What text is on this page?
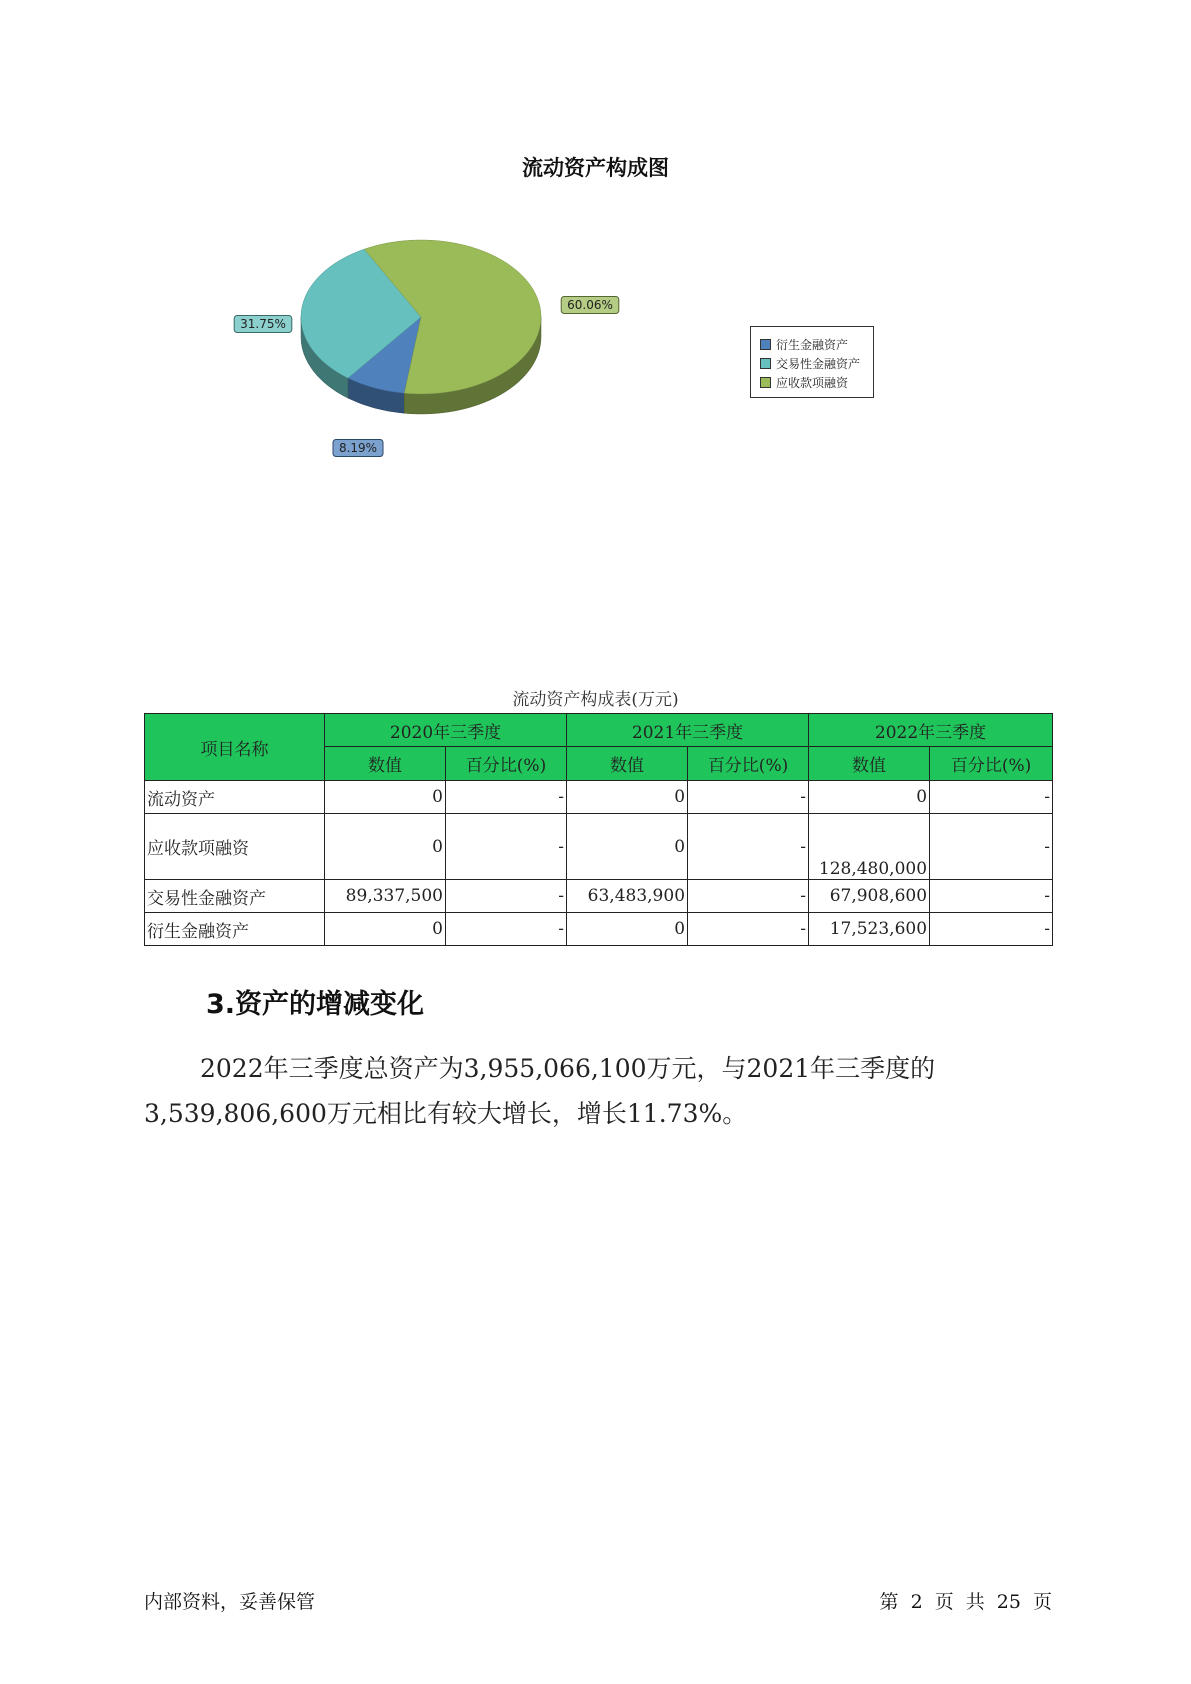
流动资产构成图
8.19%
31.75%
60.06%
衍生金融资产
交易性金融资产
应收款项融资
流动资产构成表(万元)
项目名称	2020年三季度		2021年三季度		2022年三季度	
	数值	百分比(%)	数值	百分比(%)	数值	百分比(%)
流动资产	0	-	0	-	0	-
应收款项融资	0	-	0	-	128,480,000	-
交易性金融资产	89,337,500	-	63,483,900	-	67,908,600	-
衍生金融资产	0	-	0	-	17,523,600	-
3.资产的增减变化
2022年三季度总资产为3,955,066,100万元，与2021年三季度的3,539,806,600万元相比有较大增长，增长11.73%。
内部资料，妥善保管	第 2 页 共 25 页
